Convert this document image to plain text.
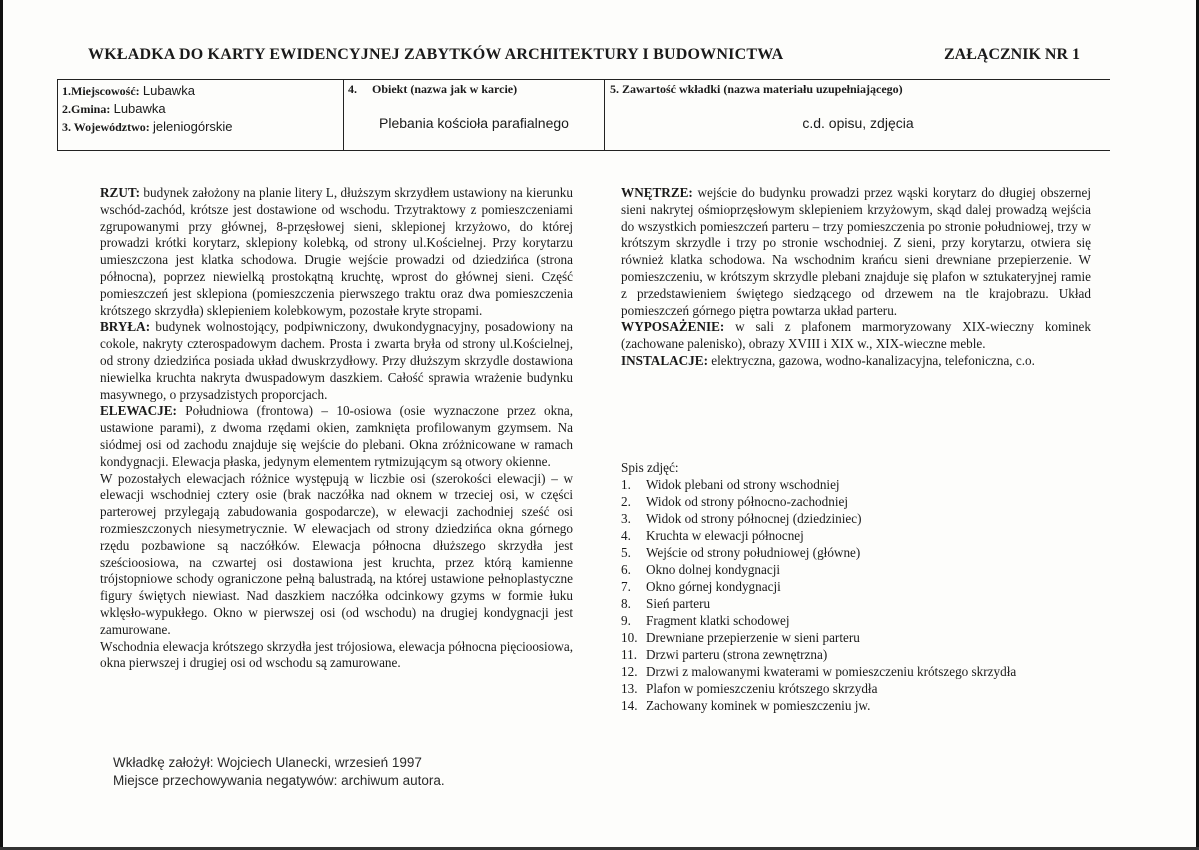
WKŁADKA DO KARTY EWIDENCYJNEJ ZABYTKÓW ARCHITEKTURY I BUDOWNICTWA	ZAŁĄCZNIK NR 1
1.Miejscowość: Lubawka
2.Gmina: Lubawka
3. Województwo: jeleniogórskie
4.     Obiekt (nazwa jak w karcie)
Plebania kościoła parafialnego
5. Zawartość wkładki (nazwa materiału uzupełniającego)
c.d. opisu, zdjęcia

RZUT: budynek założony na planie litery L, dłuższym skrzydłem ustawiony na kierunku wschód-zachód, krótsze jest dostawione od wschodu. Trzytraktowy z pomieszczeniami zgrupowanymi przy głównej, 8-przęsłowej sieni, sklepionej krzyżowo, do której prowadzi krótki korytarz, sklepiony kolebką, od strony ul.Kościelnej. Przy korytarzu umieszczona jest klatka schodowa. Drugie wejście prowadzi od dziedzińca (strona północna), poprzez niewielką prostokątną kruchtę, wprost do głównej sieni. Część pomieszczeń jest sklepiona (pomieszczenia pierwszego traktu oraz dwa pomieszczenia krótszego skrzydła) sklepieniem kolebkowym, pozostałe kryte stropami.

BRYŁA: budynek wolnostojący, podpiwniczony, dwukondygnacyjny, posadowiony na cokole, nakryty czterospadowym dachem. Prosta i zwarta bryła od strony ul.Kościelnej, od strony dziedzińca posiada układ dwuskrzydłowy. Przy dłuższym skrzydle dostawiona niewielka kruchta nakryta dwuspadowym daszkiem. Całość sprawia wrażenie budynku masywnego, o przysadzistych proporcjach.

ELEWACJE: Południowa (frontowa) – 10-osiowa (osie wyznaczone przez okna, ustawione parami), z dwoma rzędami okien, zamknięta profilowanym gzymsem. Na siódmej osi od zachodu znajduje się wejście do plebani. Okna zróżnicowane w ramach kondygnacji. Elewacja płaska, jedynym elementem rytmizującym są otwory okienne.

W pozostałych elewacjach różnice występują w liczbie osi (szerokości elewacji) – w elewacji wschodniej cztery osie (brak naczółka nad oknem w trzeciej osi, w części parterowej przylegają zabudowania gospodarcze), w elewacji zachodniej sześć osi rozmieszczonych niesymetrycznie. W elewacjach od strony dziedzińca okna górnego rzędu pozbawione są naczółków. Elewacja północna dłuższego skrzydła jest sześcioosiowa, na czwartej osi dostawiona jest kruchta, przez którą kamienne trójstopniowe schody ograniczone pełną balustradą, na której ustawione pełnoplastyczne figury świętych niewiast. Nad daszkiem naczółka odcinkowy gzyms w formie łuku wklęsło-wypukłego. Okno w pierwszej osi (od wschodu) na drugiej kondygnacji jest zamurowane.

Wschodnia elewacja krótszego skrzydła jest trójosiowa, elewacja północna pięcioosiowa, okna pierwszej i drugiej osi od wschodu są zamurowane.

WNĘTRZE: wejście do budynku prowadzi przez wąski korytarz do długiej obszernej sieni nakrytej ośmioprzęsłowym sklepieniem krzyżowym, skąd dalej prowadzą wejścia do wszystkich pomieszczeń parteru – trzy pomieszczenia po stronie południowej, trzy w krótszym skrzydle i trzy po stronie wschodniej. Z sieni, przy korytarzu, otwiera się również klatka schodowa. Na wschodnim krańcu sieni drewniane przepierzenie. W pomieszczeniu, w krótszym skrzydle plebani znajduje się plafon w sztukateryjnej ramie z przedstawieniem świętego siedzącego od drzewem na tle krajobrazu. Układ pomieszczeń górnego piętra powtarza układ parteru.

WYPOSAŻENIE: w sali z plafonem marmoryzowany XIX-wieczny kominek (zachowane palenisko), obrazy XVIII i XIX w., XIX-wieczne meble.

INSTALACJE: elektryczna, gazowa, wodno-kanalizacyjna, telefoniczna, c.o.

Spis zdjęć:
1. Widok plebani od strony wschodniej
2. Widok od strony północno-zachodniej
3. Widok od strony północnej (dziedziniec)
4. Kruchta w elewacji północnej
5. Wejście od strony południowej (główne)
6. Okno dolnej kondygnacji
7. Okno górnej kondygnacji
8. Sień parteru
9. Fragment klatki schodowej
10. Drewniane przepierzenie w sieni parteru
11. Drzwi parteru (strona zewnętrzna)
12. Drzwi z malowanymi kwaterami w pomieszczeniu krótszego skrzydła
13. Plafon w pomieszczeniu krótszego skrzydła
14. Zachowany kominek w pomieszczeniu jw.
Wkładkę założył: Wojciech Ulanecki, wrzesień 1997
Miejsce przechowywania negatywów: archiwum autora.
